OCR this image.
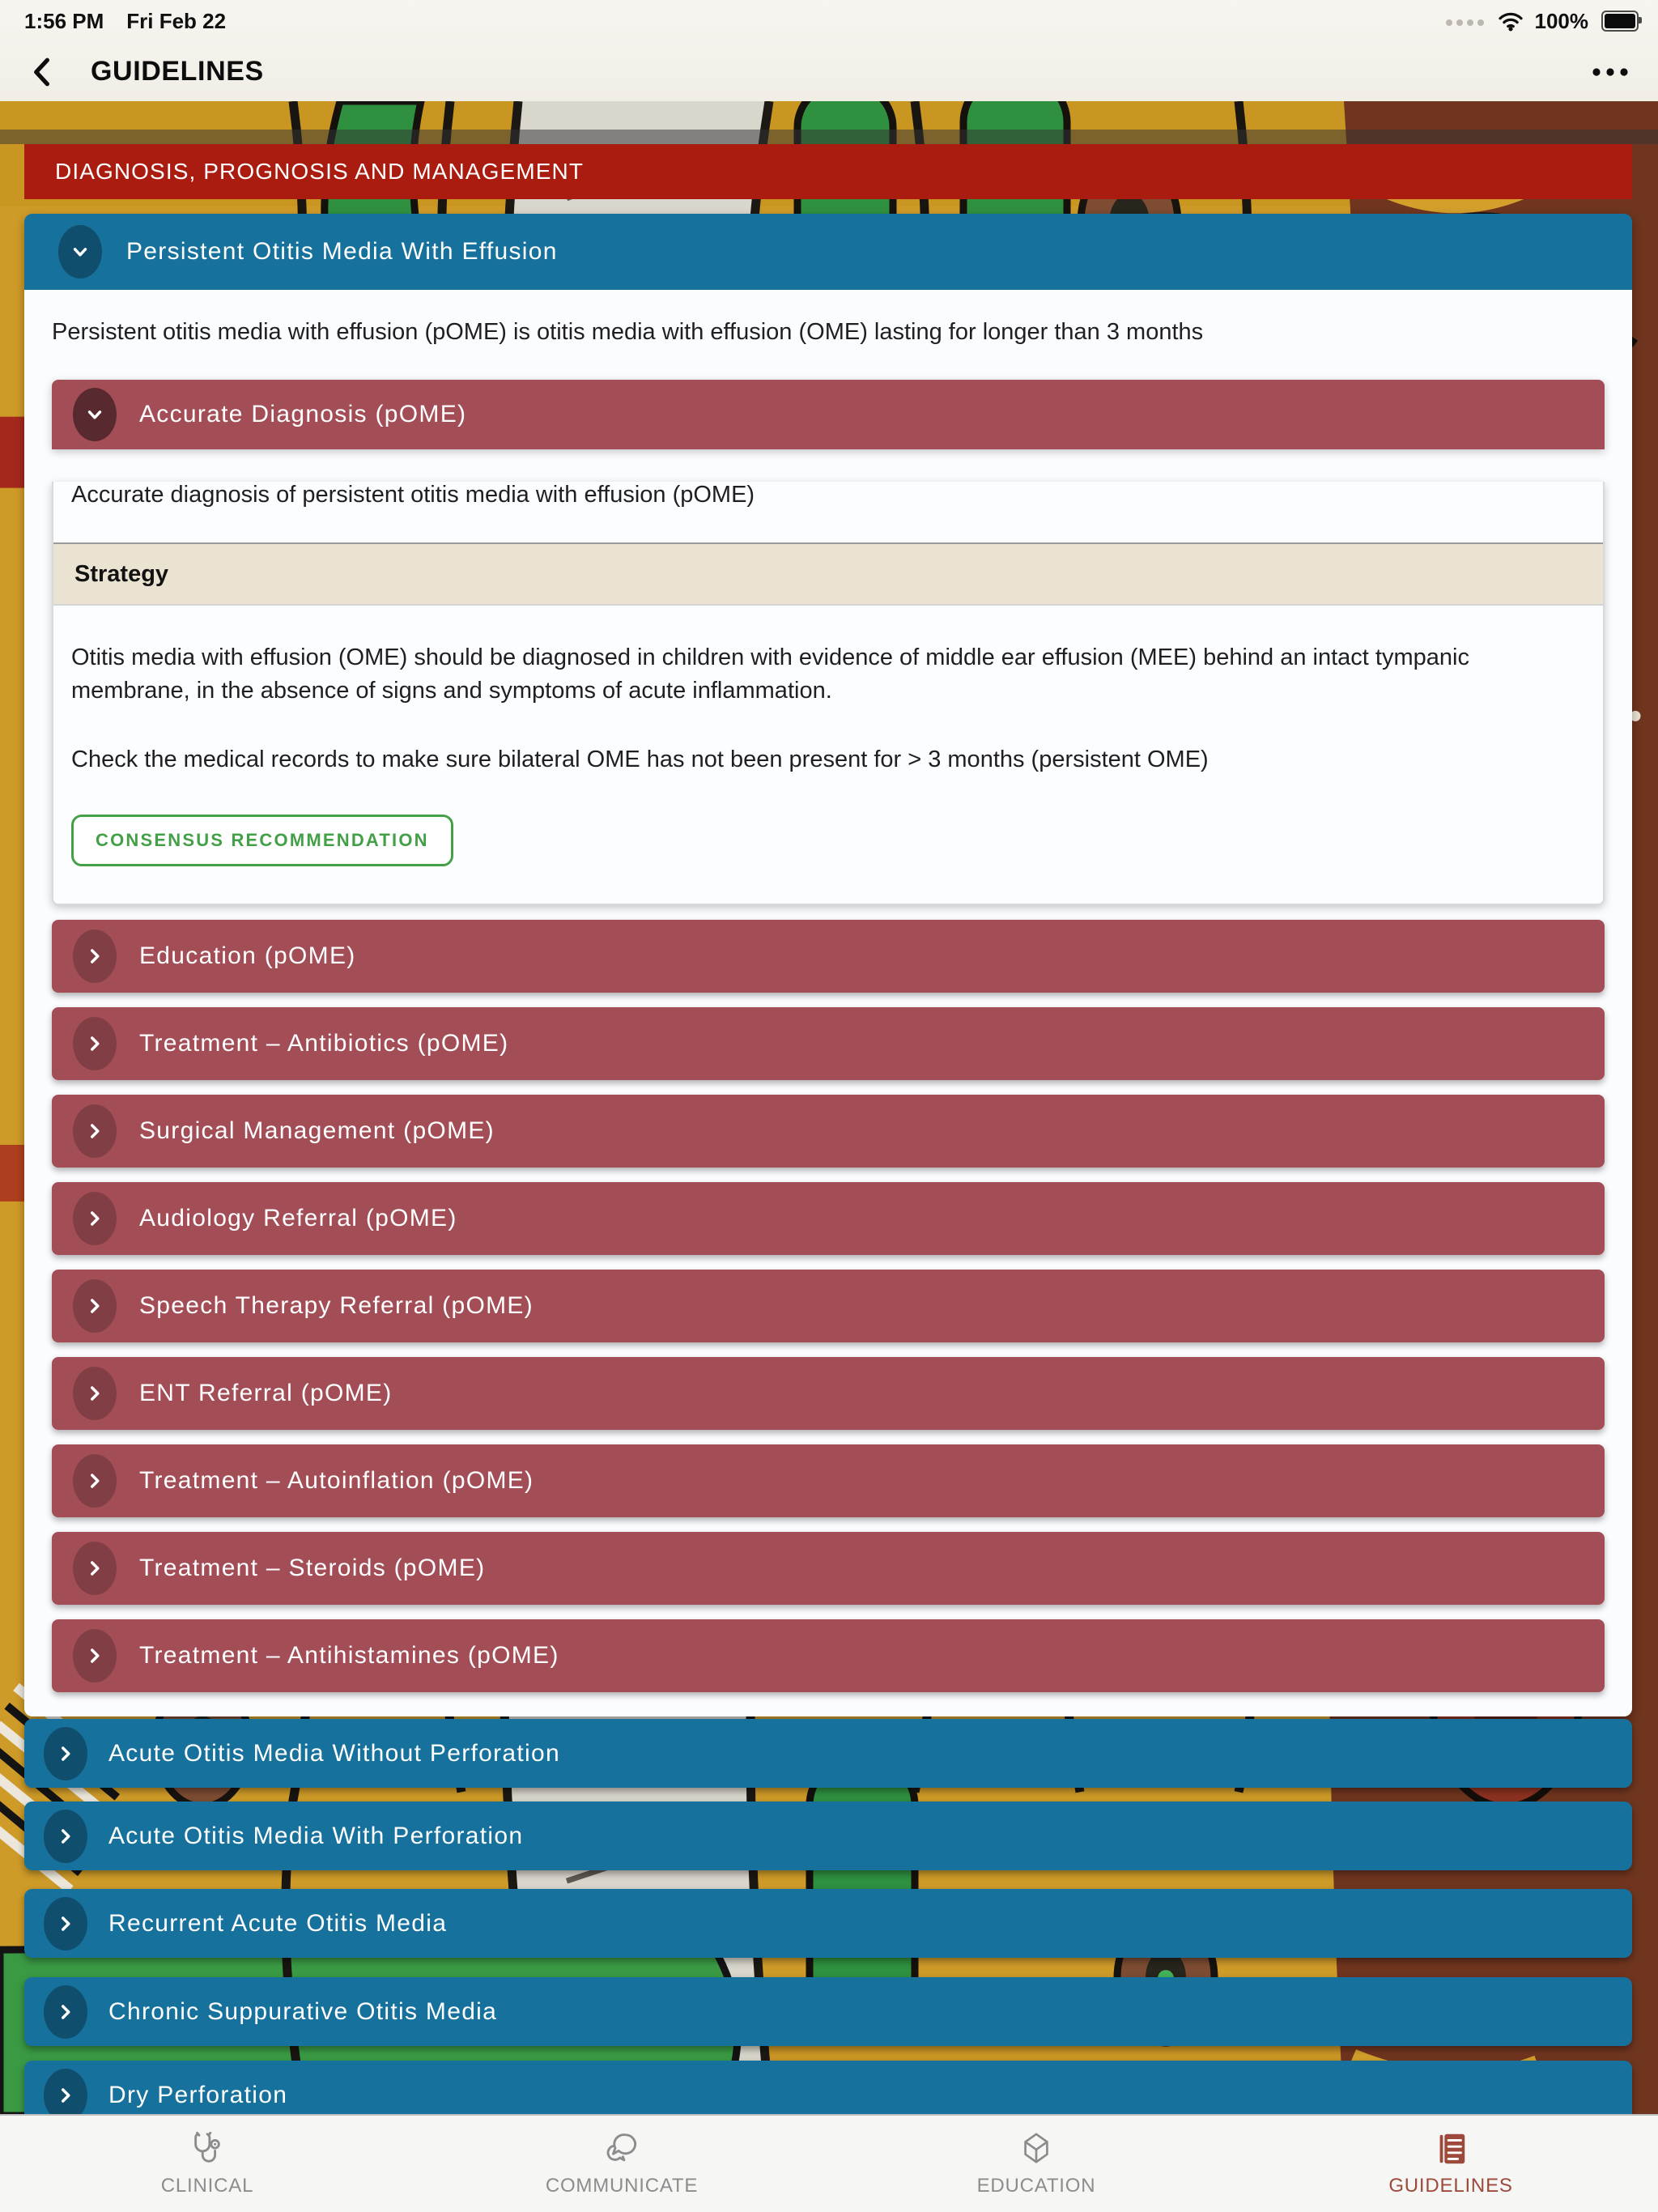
1:56 PM Fri Feb 22	100%
GUIDELINES
DIAGNOSIS, PROGNOSIS AND MANAGEMENT
Persistent Otitis Media With Effusion
Persistent otitis media with effusion (pOME) is otitis media with effusion (OME) lasting for longer than 3 months
Accurate Diagnosis (pOME)
Accurate diagnosis of persistent otitis media with effusion (pOME)
Strategy
Otitis media with effusion (OME) should be diagnosed in children with evidence of middle ear effusion (MEE) behind an intact tympanic membrane, in the absence of signs and symptoms of acute inflammation.
Check the medical records to make sure bilateral OME has not been present for > 3 months (persistent OME)
CONSENSUS RECOMMENDATION
Education (pOME)
Treatment – Antibiotics (pOME)
Surgical Management (pOME)
Audiology Referral (pOME)
Speech Therapy Referral (pOME)
ENT Referral (pOME)
Treatment – Autoinflation (pOME)
Treatment – Steroids (pOME)
Treatment – Antihistamines (pOME)
Acute Otitis Media Without Perforation
Acute Otitis Media With Perforation
Recurrent Acute Otitis Media
Chronic Suppurative Otitis Media
Dry Perforation
CLINICAL	COMMUNICATE	EDUCATION	GUIDELINES
